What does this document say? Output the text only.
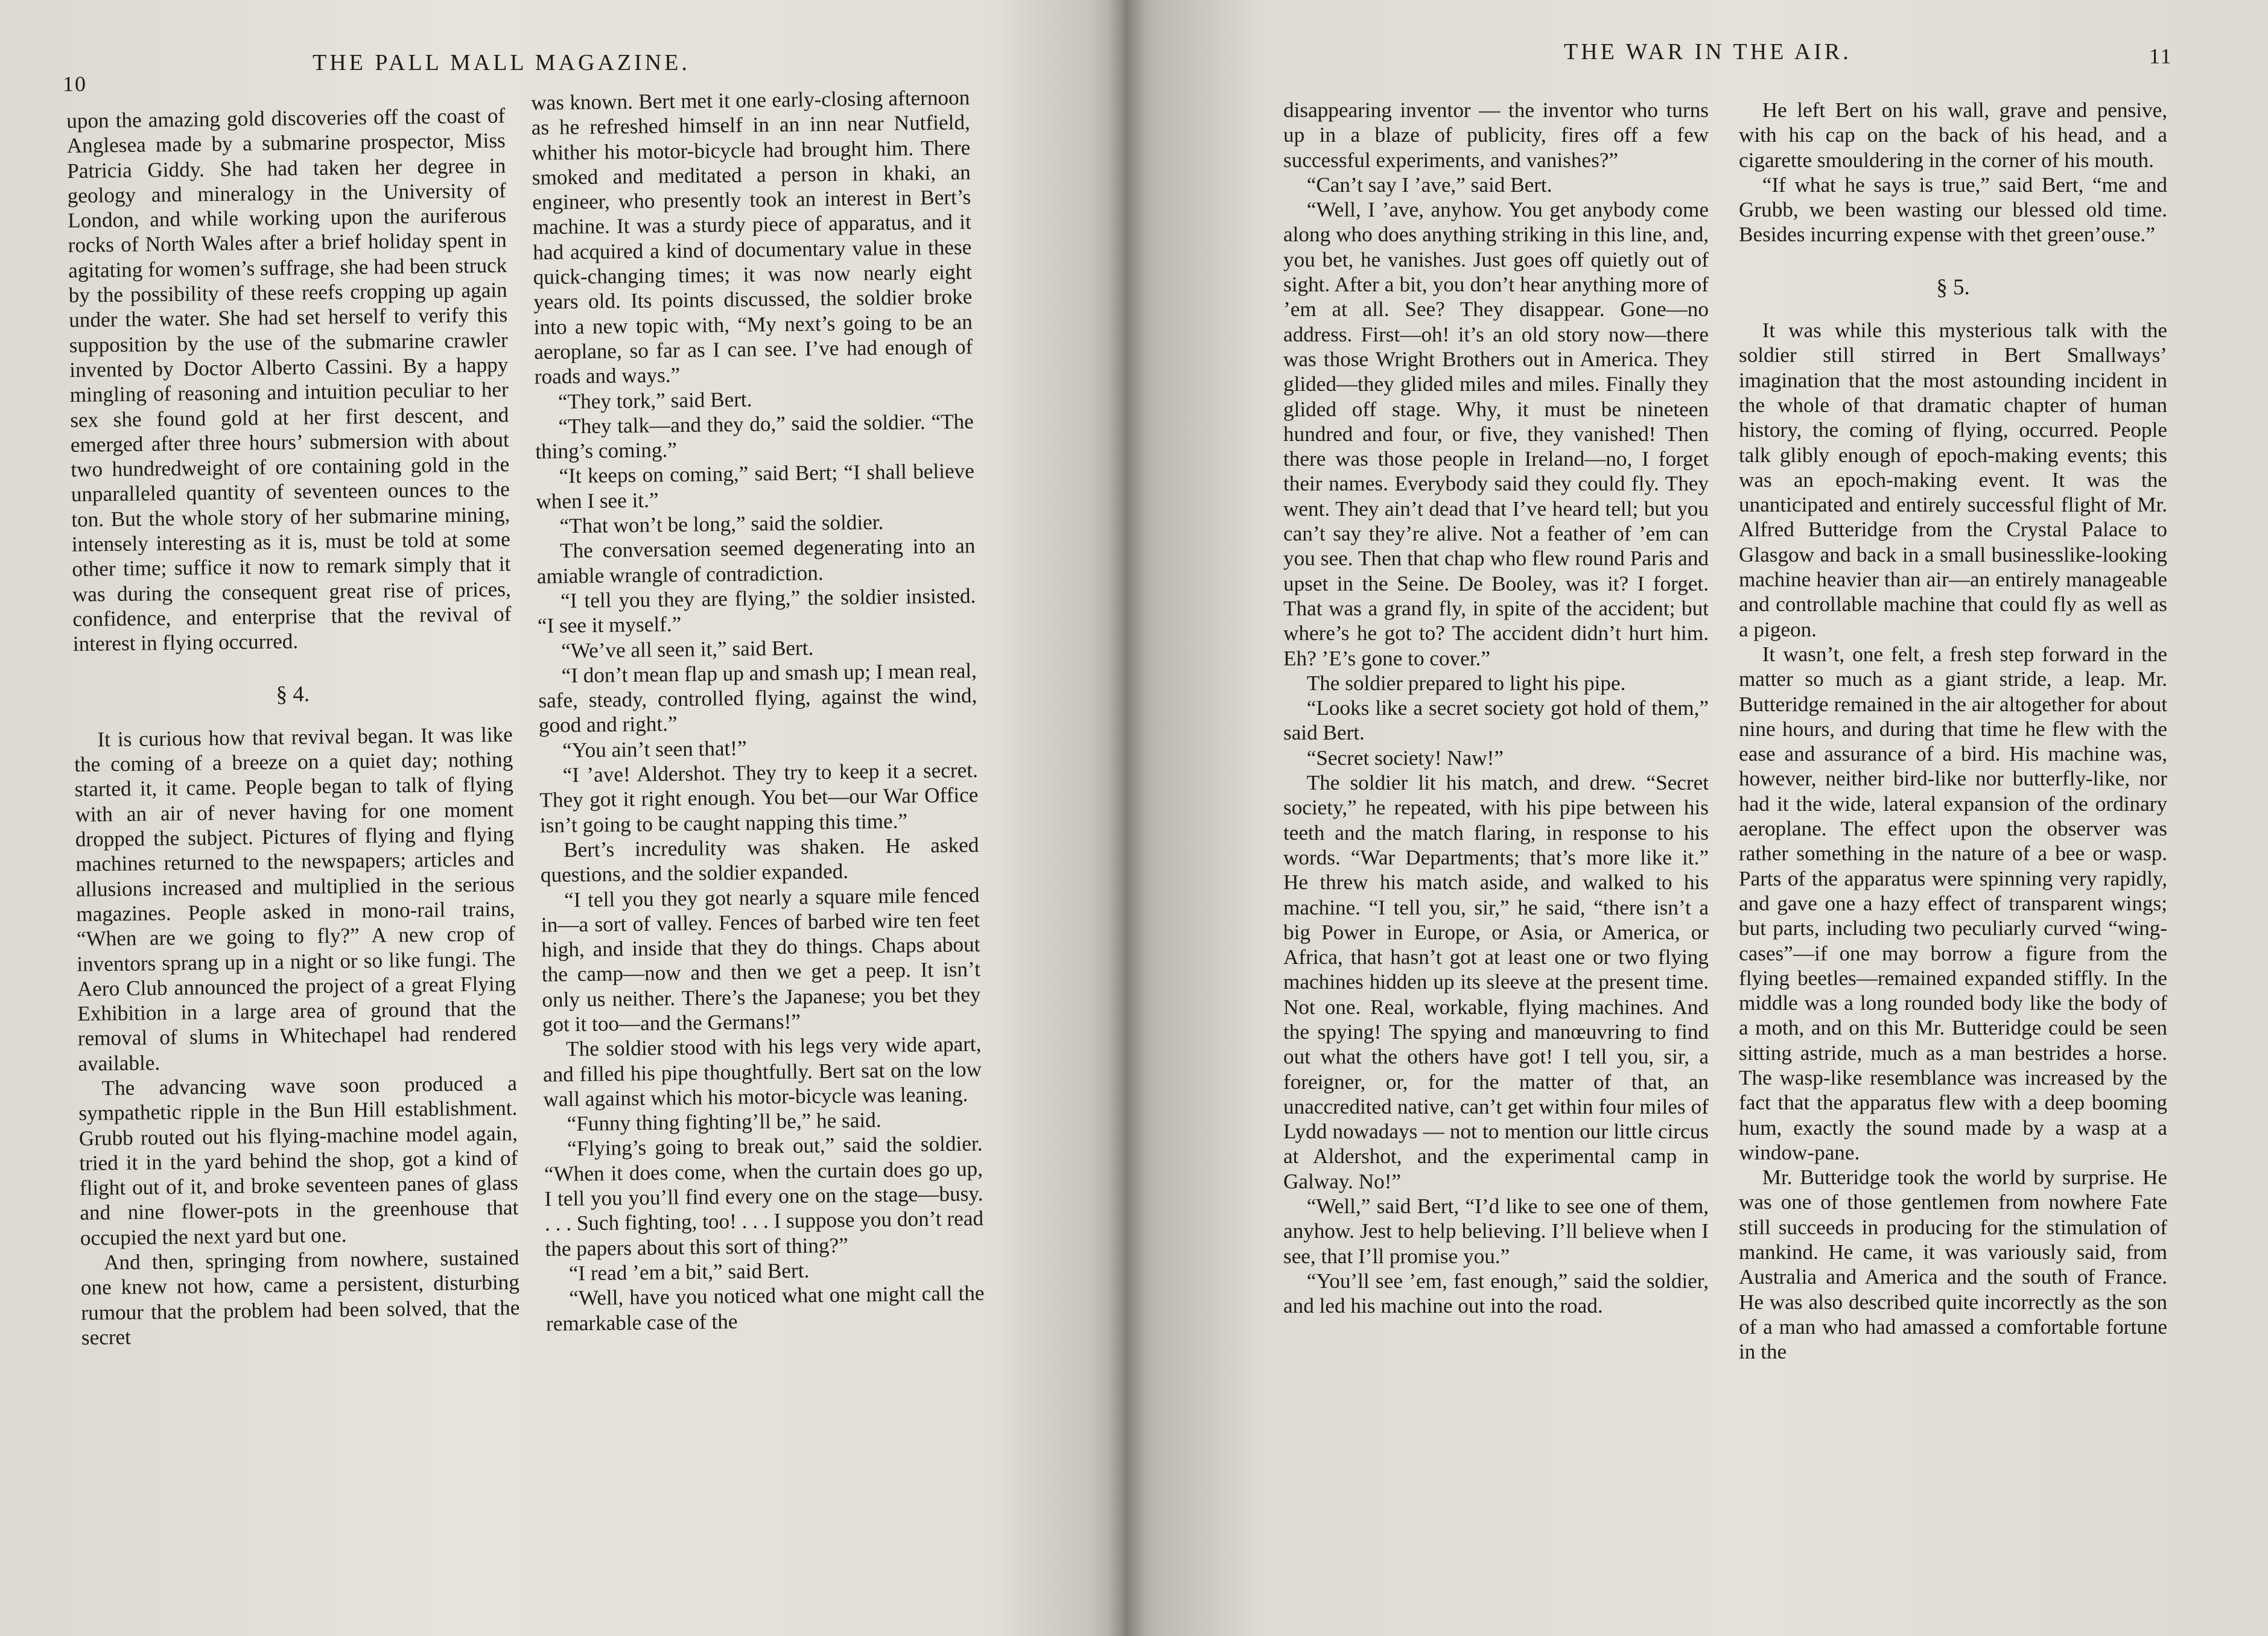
10
THE PALL MALL MAGAZINE.

upon the amazing gold discoveries off the coast of Anglesea made by a submarine prospector, Miss Patricia Giddy. She had taken her degree in geology and mineralogy in the University of London, and while working upon the auriferous rocks of North Wales after a brief holiday spent in agitating for women’s suffrage, she had been struck by the possibility of these reefs cropping up again under the water. She had set herself to verify this supposition by the use of the submarine crawler invented by Doctor Alberto Cassini. By a happy mingling of reasoning and intuition peculiar to her sex she found gold at her first descent, and emerged after three hours’ submersion with about two hundredweight of ore containing gold in the unparalleled quantity of seventeen ounces to the ton. But the whole story of her submarine mining, intensely interesting as it is, must be told at some other time; suffice it now to remark simply that it was during the consequent great rise of prices, confidence, and enterprise that the revival of interest in flying occurred.

§ 4.

It is curious how that revival began. It was like the coming of a breeze on a quiet day; nothing started it, it came. People began to talk of flying with an air of never having for one moment dropped the subject. Pictures of flying and flying machines returned to the newspapers; articles and allusions increased and multiplied in the serious magazines. People asked in mono-rail trains, “When are we going to fly?” A new crop of inventors sprang up in a night or so like fungi. The Aero Club announced the project of a great Flying Exhibition in a large area of ground that the removal of slums in Whitechapel had rendered available.

The advancing wave soon produced a sympathetic ripple in the Bun Hill establishment. Grubb routed out his flying-machine model again, tried it in the yard behind the shop, got a kind of flight out of it, and broke seventeen panes of glass and nine flower-pots in the greenhouse that occupied the next yard but one.

And then, springing from nowhere, sustained one knew not how, came a persistent, disturbing rumour that the problem had been solved, that the secret

was known. Bert met it one early-closing afternoon as he refreshed himself in an inn near Nutfield, whither his motor-bicycle had brought him. There smoked and meditated a person in khaki, an engineer, who presently took an interest in Bert’s machine. It was a sturdy piece of apparatus, and it had acquired a kind of documentary value in these quick-changing times; it was now nearly eight years old. Its points discussed, the soldier broke into a new topic with, “My next’s going to be an aeroplane, so far as I can see. I’ve had enough of roads and ways.”

“They tork,” said Bert.

“They talk—and they do,” said the soldier. “The thing’s coming.”

“It keeps on coming,” said Bert; “I shall believe when I see it.”

“That won’t be long,” said the soldier.

The conversation seemed degenerating into an amiable wrangle of contradiction.

“I tell you they are flying,” the soldier insisted. “I see it myself.”

“We’ve all seen it,” said Bert.

“I don’t mean flap up and smash up; I mean real, safe, steady, controlled flying, against the wind, good and right.”

“You ain’t seen that!”

“I ’ave! Aldershot. They try to keep it a secret. They got it right enough. You bet—our War Office isn’t going to be caught napping this time.”

Bert’s incredulity was shaken. He asked questions, and the soldier expanded.

“I tell you they got nearly a square mile fenced in—a sort of valley. Fences of barbed wire ten feet high, and inside that they do things. Chaps about the camp—now and then we get a peep. It isn’t only us neither. There’s the Japanese; you bet they got it too—and the Germans!”

The soldier stood with his legs very wide apart, and filled his pipe thoughtfully. Bert sat on the low wall against which his motor-bicycle was leaning.

“Funny thing fighting’ll be,” he said.

“Flying’s going to break out,” said the soldier. “When it does come, when the curtain does go up, I tell you you’ll find every one on the stage—busy. . . . Such fighting, too! . . . I suppose you don’t read the papers about this sort of thing?”

“I read ’em a bit,” said Bert.

“Well, have you noticed what one might call the remarkable case of the

THE WAR IN THE AIR.	11

disappearing inventor — the inventor who turns up in a blaze of publicity, fires off a few successful experiments, and vanishes?”

“Can’t say I ’ave,” said Bert.

“Well, I ’ave, anyhow. You get anybody come along who does anything striking in this line, and, you bet, he vanishes. Just goes off quietly out of sight. After a bit, you don’t hear anything more of ’em at all. See? They disappear. Gone—no address. First—oh! it’s an old story now—there was those Wright Brothers out in America. They glided—they glided miles and miles. Finally they glided off stage. Why, it must be nineteen hundred and four, or five, they vanished! Then there was those people in Ireland—no, I forget their names. Everybody said they could fly. They went. They ain’t dead that I’ve heard tell; but you can’t say they’re alive. Not a feather of ’em can you see. Then that chap who flew round Paris and upset in the Seine. De Booley, was it? I forget. That was a grand fly, in spite of the accident; but where’s he got to? The accident didn’t hurt him. Eh? ’E’s gone to cover.”

The soldier prepared to light his pipe.

“Looks like a secret society got hold of them,” said Bert.

“Secret society! Naw!”

The soldier lit his match, and drew. “Secret society,” he repeated, with his pipe between his teeth and the match flaring, in response to his words. “War Departments; that’s more like it.” He threw his match aside, and walked to his machine. “I tell you, sir,” he said, “there isn’t a big Power in Europe, or Asia, or America, or Africa, that hasn’t got at least one or two flying machines hidden up its sleeve at the present time. Not one. Real, workable, flying machines. And the spying! The spying and manœuvring to find out what the others have got! I tell you, sir, a foreigner, or, for the matter of that, an unaccredited native, can’t get within four miles of Lydd nowadays — not to mention our little circus at Aldershot, and the experimental camp in Galway. No!”

“Well,” said Bert, “I’d like to see one of them, anyhow. Jest to help believing. I’ll believe when I see, that I’ll promise you.”

“You’ll see ’em, fast enough,” said the soldier, and led his machine out into the road.

He left Bert on his wall, grave and pensive, with his cap on the back of his head, and a cigarette smouldering in the corner of his mouth.

“If what he says is true,” said Bert, “me and Grubb, we been wasting our blessed old time. Besides incurring expense with thet green’ouse.”

§ 5.

It was while this mysterious talk with the soldier still stirred in Bert Smallways’ imagination that the most astounding incident in the whole of that dramatic chapter of human history, the coming of flying, occurred. People talk glibly enough of epoch-making events; this was an epoch-making event. It was the unanticipated and entirely successful flight of Mr. Alfred Butteridge from the Crystal Palace to Glasgow and back in a small businesslike-looking machine heavier than air—an entirely manageable and controllable machine that could fly as well as a pigeon.

It wasn’t, one felt, a fresh step forward in the matter so much as a giant stride, a leap. Mr. Butteridge remained in the air altogether for about nine hours, and during that time he flew with the ease and assurance of a bird. His machine was, however, neither bird-like nor butterfly-like, nor had it the wide, lateral expansion of the ordinary aeroplane. The effect upon the observer was rather something in the nature of a bee or wasp. Parts of the apparatus were spinning very rapidly, and gave one a hazy effect of transparent wings; but parts, including two peculiarly curved “wing-cases”—if one may borrow a figure from the flying beetles—remained expanded stiffly. In the middle was a long rounded body like the body of a moth, and on this Mr. Butteridge could be seen sitting astride, much as a man bestrides a horse. The wasp-like resemblance was increased by the fact that the apparatus flew with a deep booming hum, exactly the sound made by a wasp at a window-pane.

Mr. Butteridge took the world by surprise. He was one of those gentlemen from nowhere Fate still succeeds in producing for the stimulation of mankind. He came, it was variously said, from Australia and America and the south of France. He was also described quite incorrectly as the son of a man who had amassed a comfortable fortune in the
